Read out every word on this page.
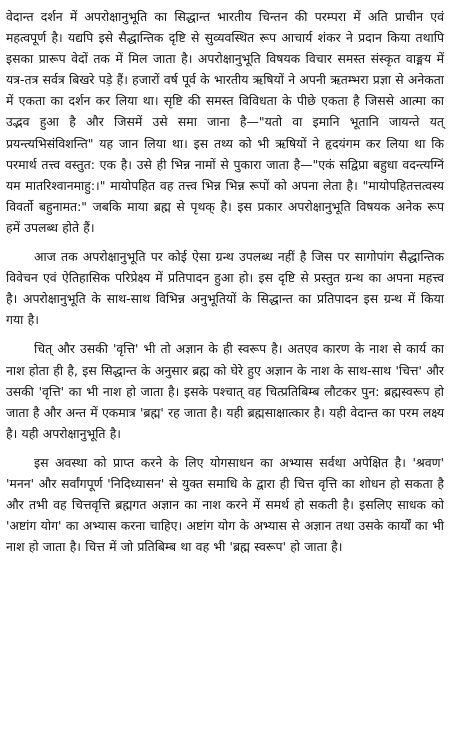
वेदान्त दर्शन में अपरोक्षानुभूति का सिद्धान्त भारतीय चिन्तन की परम्परा में अति प्राचीन एवं महत्वपूर्ण है। यद्यपि इसे सैद्धान्तिक दृष्टि से सुव्यवस्थित रूप आचार्य शंकर ने प्रदान किया तथापि इसका प्रारूप वेदों तक में मिल जाता है। अपरोक्षानुभूति विषयक विचार समस्त संस्कृत वाङ्मय में यत्र-तत्र सर्वत्र बिखरे पड़े हैं। हजारों वर्ष पूर्व के भारतीय ऋषियों ने अपनी ऋतम्भरा प्रज्ञा से अनेकता में एकता का दर्शन कर लिया था। सृष्टि की समस्त विविधता के पीछे एकता है जिससे आत्मा का उद्भव हुआ है और जिसमें उसे समा जाना है—"यतो वा इमानि भूतानि जायन्ते यत् प्रयन्त्यभिसंविशन्ति" यह जान लिया था। इस तथ्य को भी ऋषियों ने हृदयंगम कर लिया था कि परमार्थ तत्त्व वस्तुत: एक है। उसे ही भिन्न नामों से पुकारा जाता है—"एकं सद्विप्रा बहुधा वदन्त्यग्निं यम मातरिश्वानमाहु:।" मायोपहित वह तत्त्व भिन्न भिन्न रूपों को अपना लेता है। "मायोपहितत्तत्वस्य विवर्तो बहुनामत:" जबकि माया ब्रह्म से पृथक् है। इस प्रकार अपरोक्षानुभूति विषयक अनेक रूप हमें उपलब्ध होते हैं।

आज तक अपरोक्षानुभूति पर कोई ऐसा ग्रन्थ उपलब्ध नहीं है जिस पर सागोपांग सैद्धान्तिक विवेचन एवं ऐतिहासिक परिप्रेक्ष्य में प्रतिपादन हुआ हो। इस दृष्टि से प्रस्तुत ग्रन्थ का अपना महत्त्व है। अपरोक्षानुभूति के साथ-साथ विभिन्न अनुभूतियों के सिद्धान्त का प्रतिपादन इस ग्रन्थ में किया गया है।

चित् और उसकी 'वृत्ति' भी तो अज्ञान के ही स्वरूप है। अतएव कारण के नाश से कार्य का नाश होता ही है, इस सिद्धान्त के अनुसार ब्रह्म को घेरे हुए अज्ञान के नाश के साथ-साथ 'चित्त' और उसकी 'वृत्ति' का भी नाश हो जाता है। इसके पश्चात् वह चित्प्रतिबिम्ब लौटकर पुन: ब्रह्मस्वरूप हो जाता है और अन्त में एकमात्र 'ब्रह्म' रह जाता है। यही ब्रह्मसाक्षात्कार है। यही वेदान्त का परम लक्ष्य है। यही अपरोक्षानुभूति है।

इस अवस्था को प्राप्त करने के लिए योगसाधन का अभ्यास सर्वथा अपेक्षित है। 'श्रवण' 'मनन' और सर्वांगपूर्ण 'निदिध्यासन' से युक्त समाधि के द्वारा ही चित्त वृत्ति का शोधन हो सकता है और तभी वह चित्तवृत्ति ब्रह्मगत अज्ञान का नाश करने में समर्थ हो सकती है। इसलिए साधक को 'अष्टांग योग' का अभ्यास करना चाहिए। अष्टांग योग के अभ्यास से अज्ञान तथा उसके कार्यों का भी नाश हो जाता है। चित्त में जो प्रतिबिम्ब था वह भी 'ब्रह्म स्वरूप' हो जाता है।
